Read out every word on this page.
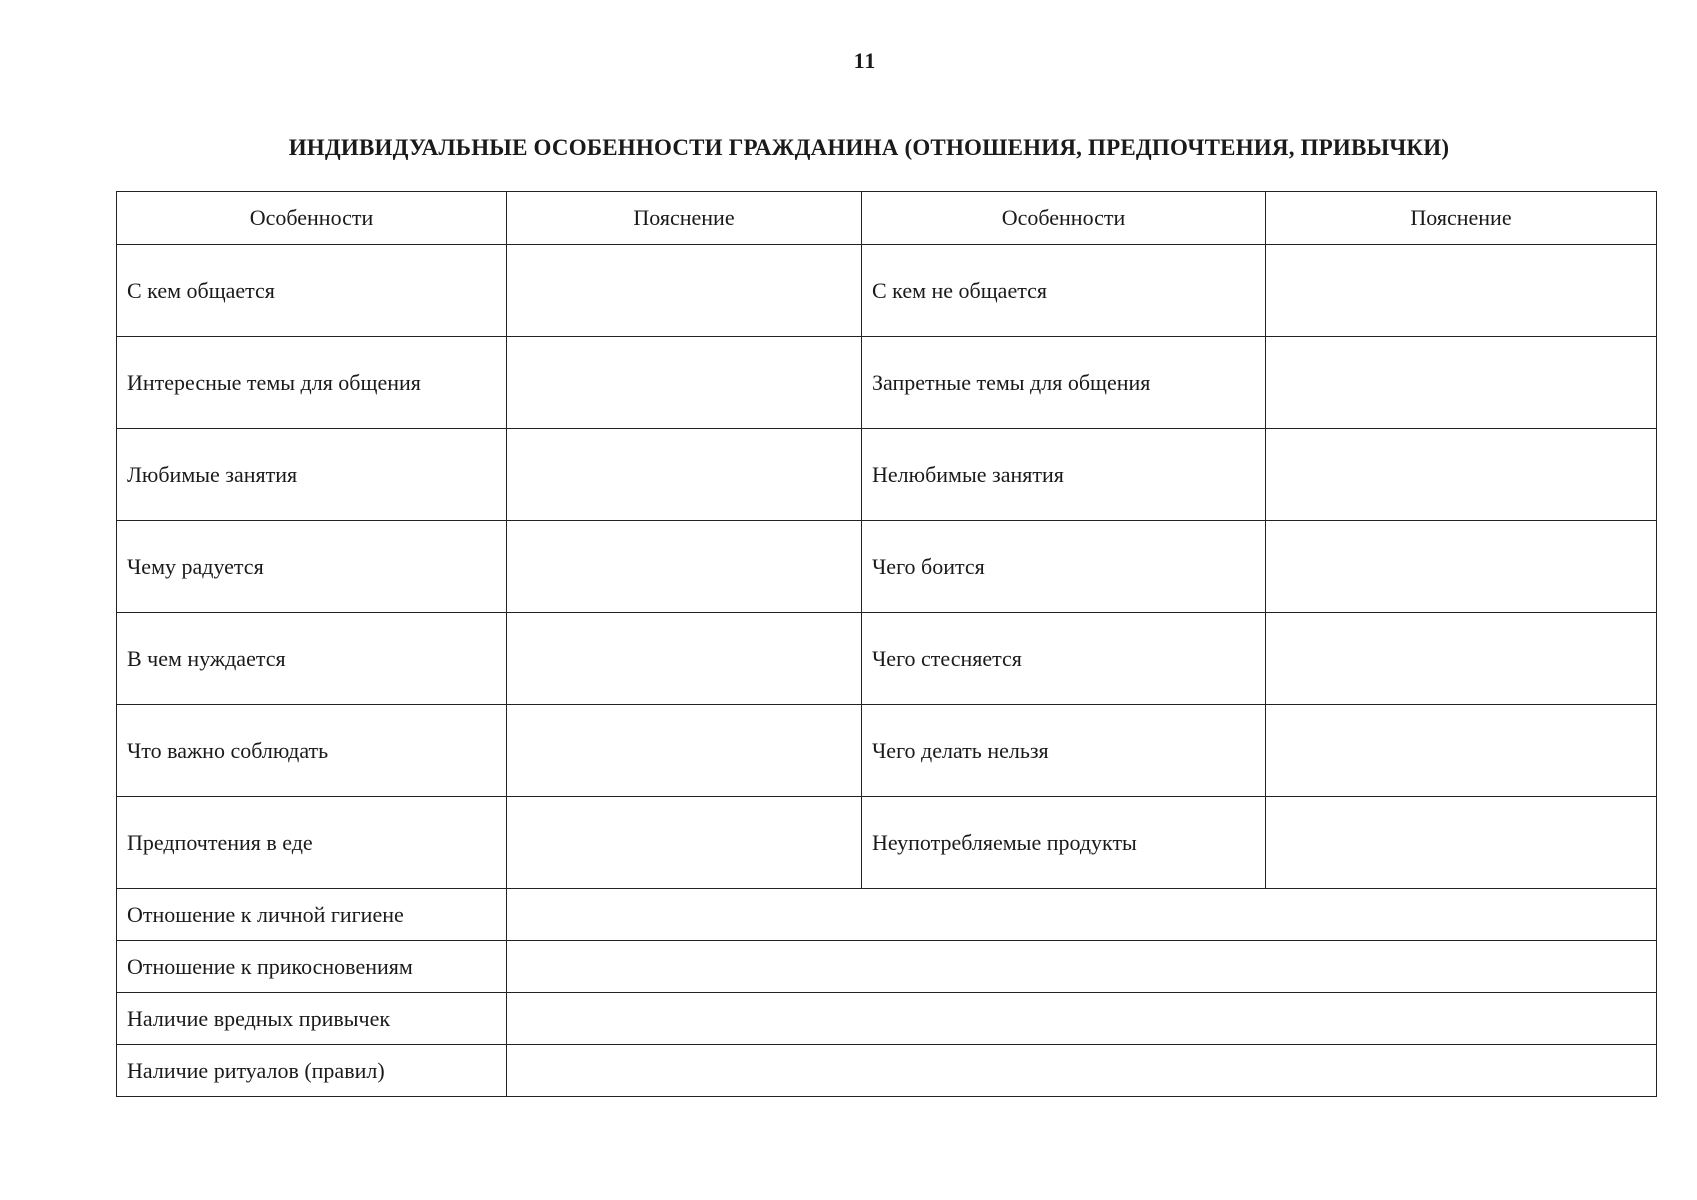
11
ИНДИВИДУАЛЬНЫЕ ОСОБЕННОСТИ ГРАЖДАНИНА (ОТНОШЕНИЯ, ПРЕДПОЧТЕНИЯ, ПРИВЫЧКИ)
Особенности	Пояснение	Особенности	Пояснение
С кем общается		С кем не общается	
Интересные темы для общения		Запретные темы для общения	
Любимые занятия		Нелюбимые занятия	
Чему радуется		Чего боится	
В чем нуждается		Чего стесняется	
Что важно соблюдать		Чего делать нельзя	
Предпочтения в еде		Неупотребляемые продукты	
Отношение к личной гигиене			
Отношение к прикосновениям			
Наличие вредных привычек			
Наличие ритуалов (правил)			
